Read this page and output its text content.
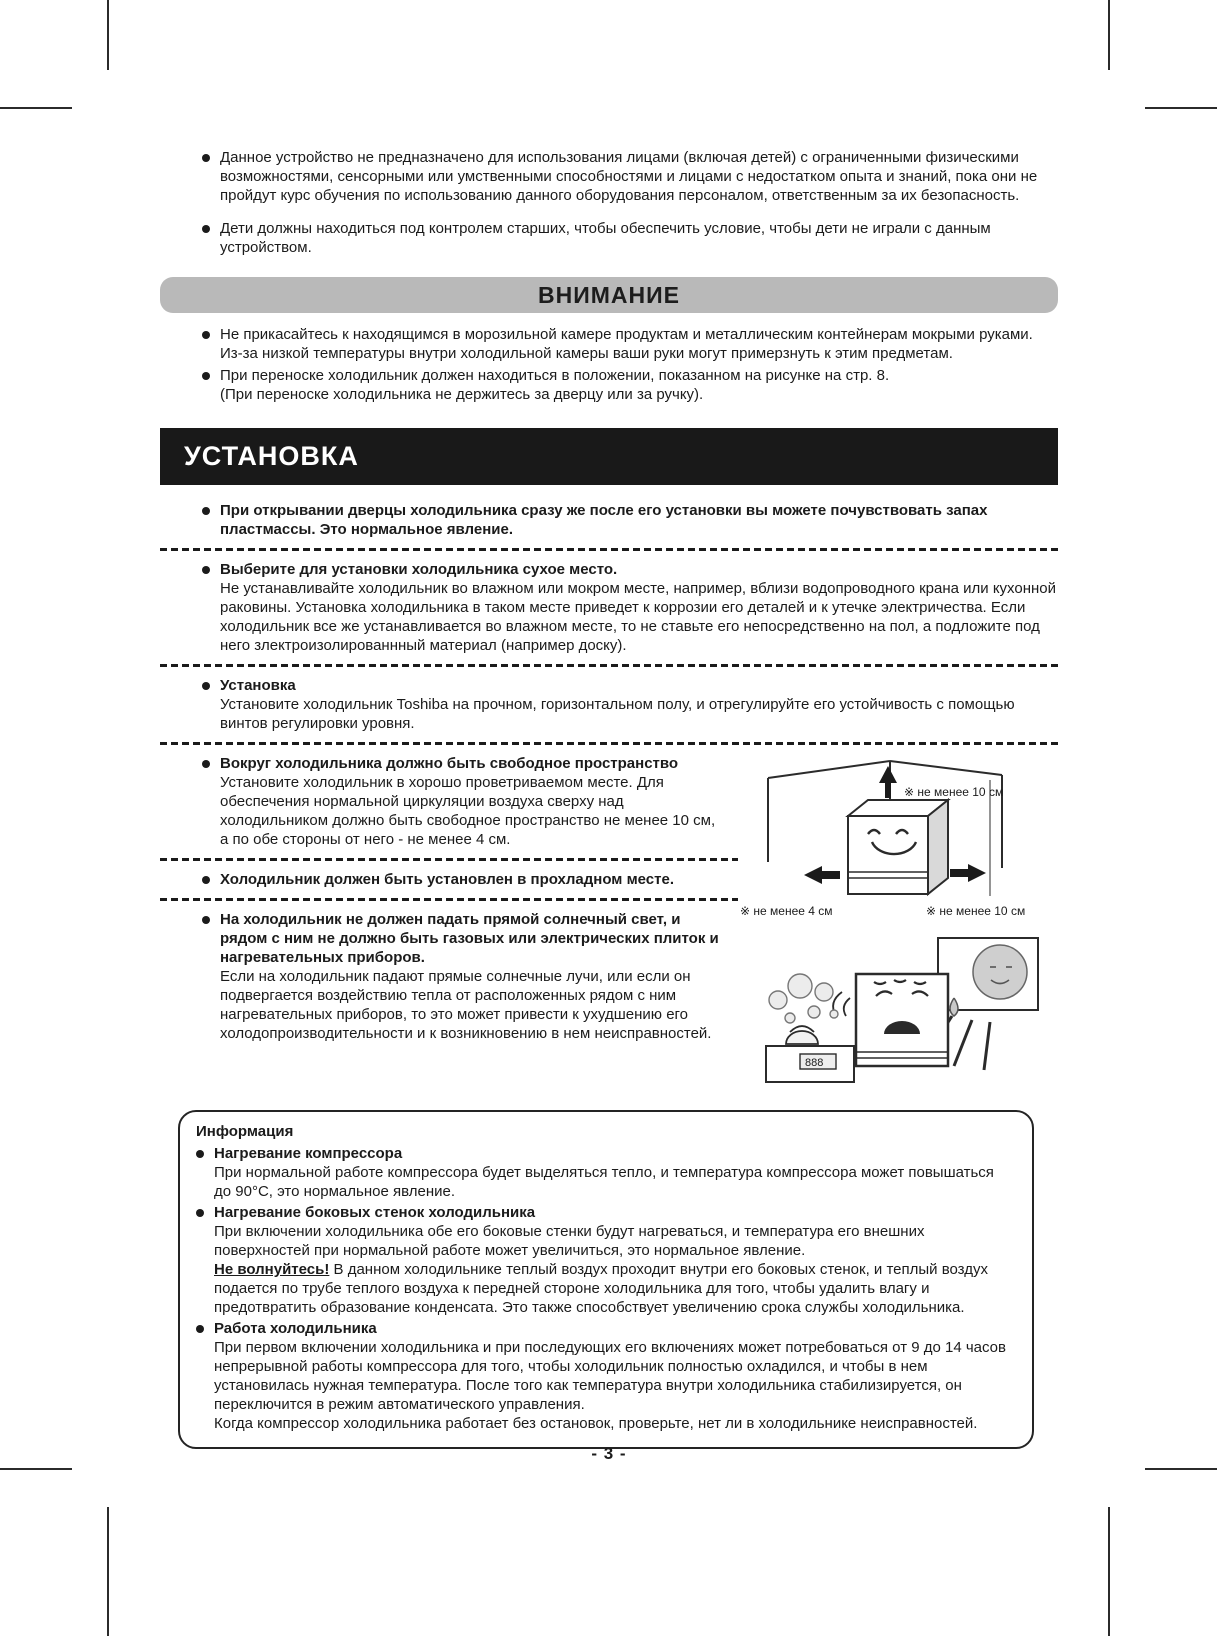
Данное устройство не предназначено для использования лицами (включая детей) с ограниченными физическими возможностями, сенсорными или умственными способностями и лицами с недостатком опыта и знаний, пока они не пройдут курс обучения по использованию данного оборудования персоналом, ответственным за их безопасность.
Дети должны находиться под контролем старших, чтобы обеспечить условие, чтобы дети не играли с данным устройством.
ВНИМАНИЕ
Не прикасайтесь к находящимся в морозильной камере продуктам и металлическим контейнерам мокрыми руками.
Из-за низкой температуры внутри холодильной камеры ваши руки могут примерзнуть к этим предметам.
При переноске холодильник должен находиться в положении, показанном на рисунке на стр. 8.
(При переноске холодильника не держитесь за дверцу или за ручку).
УСТАНОВКА
При открывании дверцы холодильника сразу же после его установки вы можете почувствовать запах пластмассы. Это нормальное явление.
Выберите для установки холодильника сухое место.
Не устанавливайте холодильник во влажном или мокром месте, например, вблизи водопроводного крана или кухонной раковины. Установка холодильника в таком месте приведет к коррозии его деталей и к утечке электричества. Если холодильник все же устанавливается во влажном месте, то не ставьте его непосредственно на пол, а подложите под него злектроизолированнный материал (например доску).
Установка
Установите холодильник Toshiba на прочном, горизонтальном полу, и отрегулируйте его устойчивость с помощью винтов регулировки уровня.
Вокруг холодильника должно быть свободное пространство
Установите холодильник в хорошо проветриваемом месте. Для обеспечения нормальной циркуляции воздуха сверху над холодильником должно быть свободное пространство не менее 10 см, а по обе стороны от него - не менее 4 см.
Холодильник должен быть установлен в прохладном месте.
На холодильник не должен падать прямой солнечный свет, и рядом с ним не должно быть газовых или электрических плиток и нагревательных приборов.
Если на холодильник падают прямые солнечные лучи, или если он подвергается воздействию тепла от расположенных рядом с ним нагревательных приборов, то это может привести к ухудшению его холодопроизводительности и к возникновению в нем неисправностей.
※ не менее 10 см
※ не менее 4 см	※ не менее 10 см
888
Информация
Нагревание компрессора
При нормальной работе компрессора будет выделяться тепло, и температура компрессора может повышаться до 90°C, это нормальное явление.
Нагревание боковых стенок холодильника
При включении холодильника обе его боковые стенки будут нагреваться, и температура его внешних поверхностей при нормальной работе может увеличиться, это нормальное явление.
Не волнуйтесь! В данном холодильнике теплый воздух проходит внутри его боковых стенок, и теплый воздух подается по трубе теплого воздуха к передней стороне холодильника для того, чтобы удалить влагу и предотвратить образование конденсата. Это также способствует увеличению срока службы холодильника.
Работа холодильника
При первом включении холодильника и при последующих его включениях может потребоваться от 9 до 14 часов непрерывной работы компрессора для того, чтобы холодильник полностью охладился, и чтобы в нем установилась нужная температура. После того как температура внутри холодильника стабилизируется, он переключится в режим автоматического управления.
Когда компрессор холодильника работает без остановок, проверьте, нет ли в холодильнике неисправностей.
- 3 -
